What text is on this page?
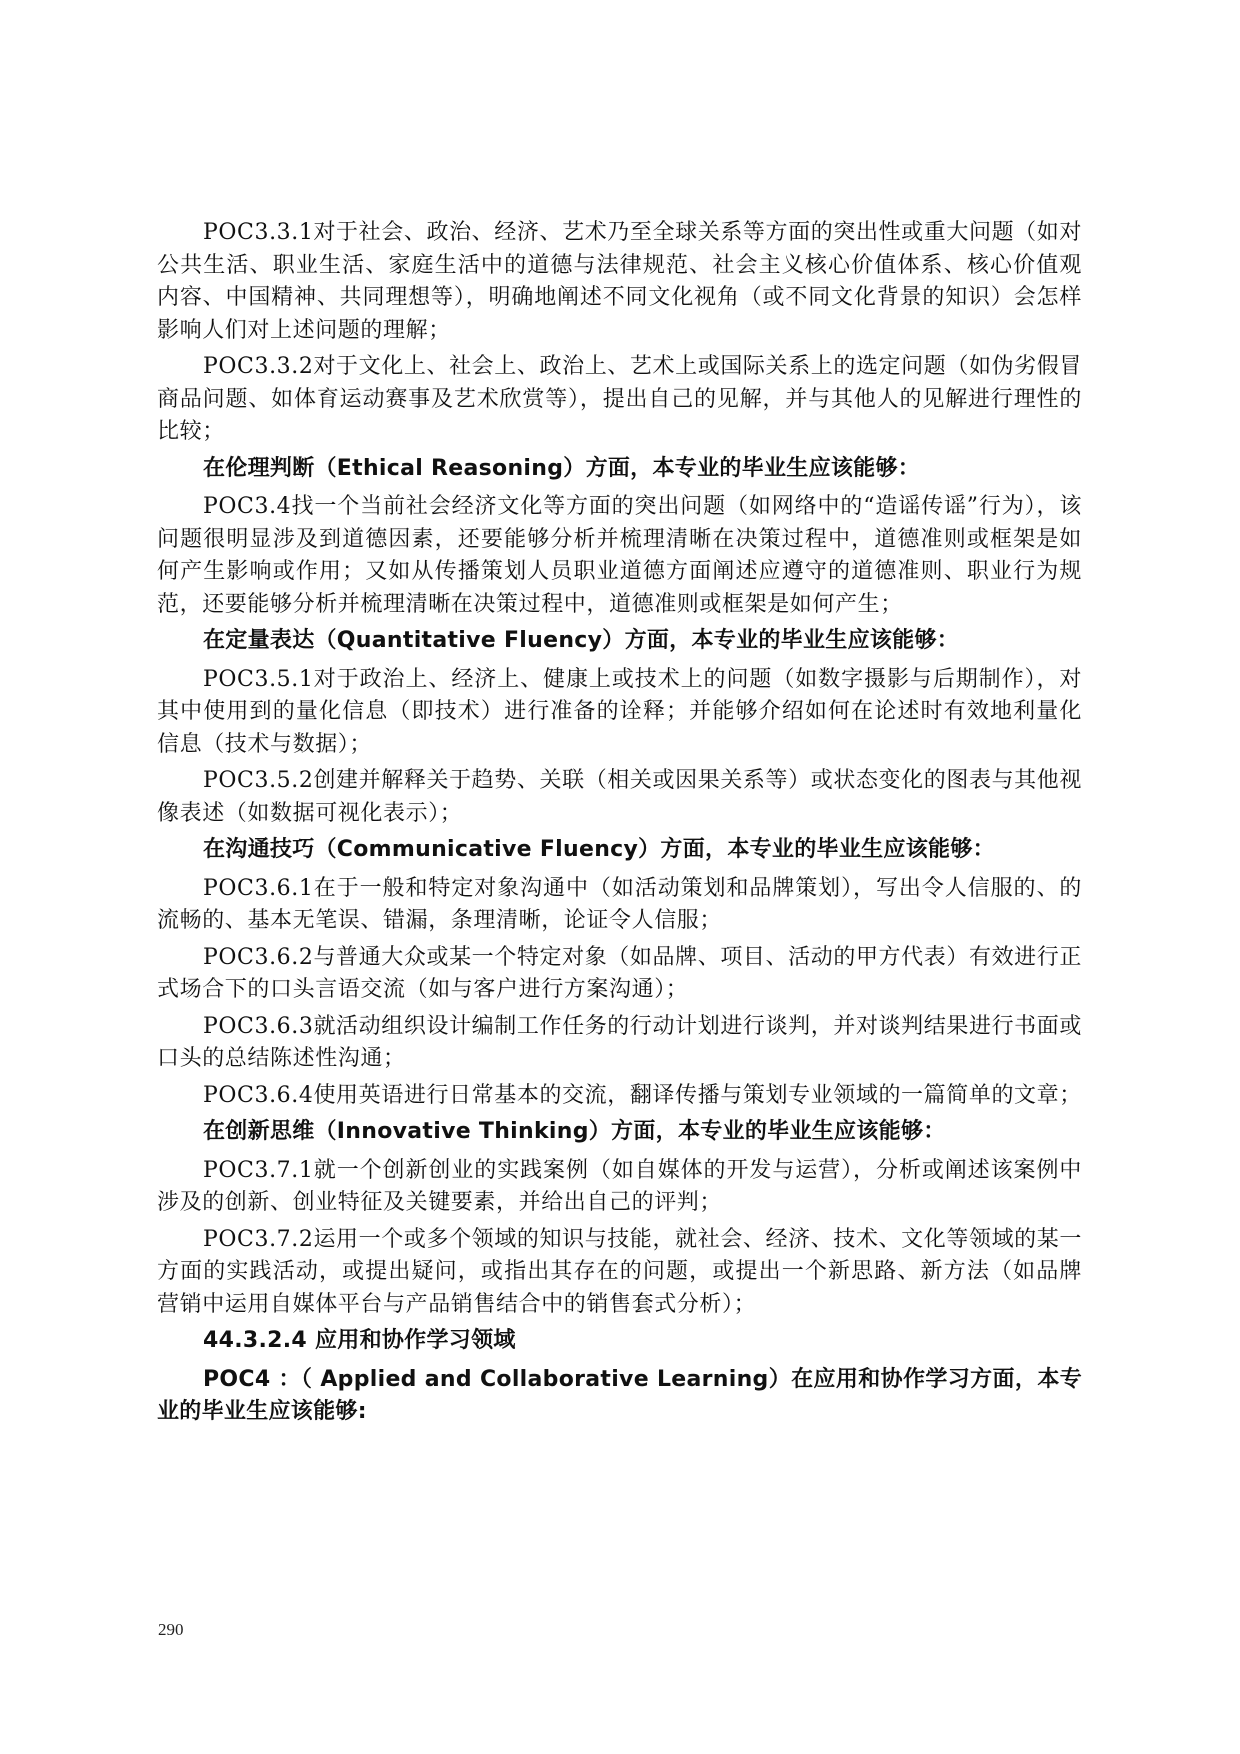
POC3.3.1对于社会、政治、经济、艺术乃至全球关系等方面的突出性或重大问题（如对公共生活、职业生活、家庭生活中的道德与法律规范、社会主义核心价值体系、核心价值观内容、中国精神、共同理想等），明确地阐述不同文化视角（或不同文化背景的知识）会怎样影响人们对上述问题的理解；

POC3.3.2对于文化上、社会上、政治上、艺术上或国际关系上的选定问题（如伪劣假冒商品问题、如体育运动赛事及艺术欣赏等），提出自己的见解，并与其他人的见解进行理性的比较；

在伦理判断（Ethical Reasoning）方面，本专业的毕业生应该能够：

POC3.4找一个当前社会经济文化等方面的突出问题（如网络中的“造谣传谣”行为），该问题很明显涉及到道德因素，还要能够分析并梳理清晰在决策过程中，道德准则或框架是如何产生影响或作用；又如从传播策划人员职业道德方面阐述应遵守的道德准则、职业行为规范，还要能够分析并梳理清晰在决策过程中，道德准则或框架是如何产生；

在定量表达（Quantitative Fluency）方面，本专业的毕业生应该能够：

POC3.5.1对于政治上、经济上、健康上或技术上的问题（如数字摄影与后期制作），对其中使用到的量化信息（即技术）进行准备的诠释；并能够介绍如何在论述时有效地利量化信息（技术与数据）；

POC3.5.2创建并解释关于趋势、关联（相关或因果关系等）或状态变化的图表与其他视像表述（如数据可视化表示）；

在沟通技巧（Communicative Fluency）方面，本专业的毕业生应该能够：

POC3.6.1在于一般和特定对象沟通中（如活动策划和品牌策划），写出令人信服的、的流畅的、基本无笔误、错漏，条理清晰，论证令人信服；

POC3.6.2与普通大众或某一个特定对象（如品牌、项目、活动的甲方代表）有效进行正式场合下的口头言语交流（如与客户进行方案沟通）；

POC3.6.3就活动组织设计编制工作任务的行动计划进行谈判，并对谈判结果进行书面或口头的总结陈述性沟通；

POC3.6.4使用英语进行日常基本的交流，翻译传播与策划专业领域的一篇简单的文章；

在创新思维（Innovative Thinking）方面，本专业的毕业生应该能够：

POC3.7.1就一个创新创业的实践案例（如自媒体的开发与运营），分析或阐述该案例中涉及的创新、创业特征及关键要素，并给出自己的评判；

POC3.7.2运用一个或多个领域的知识与技能，就社会、经济、技术、文化等领域的某一方面的实践活动，或提出疑问，或指出其存在的问题，或提出一个新思路、新方法（如品牌营销中运用自媒体平台与产品销售结合中的销售套式分析）；

44.3.2.4 应用和协作学习领域

POC4 ：（ Applied and Collaborative Learning）在应用和协作学习方面，本专业的毕业生应该能够:

290
